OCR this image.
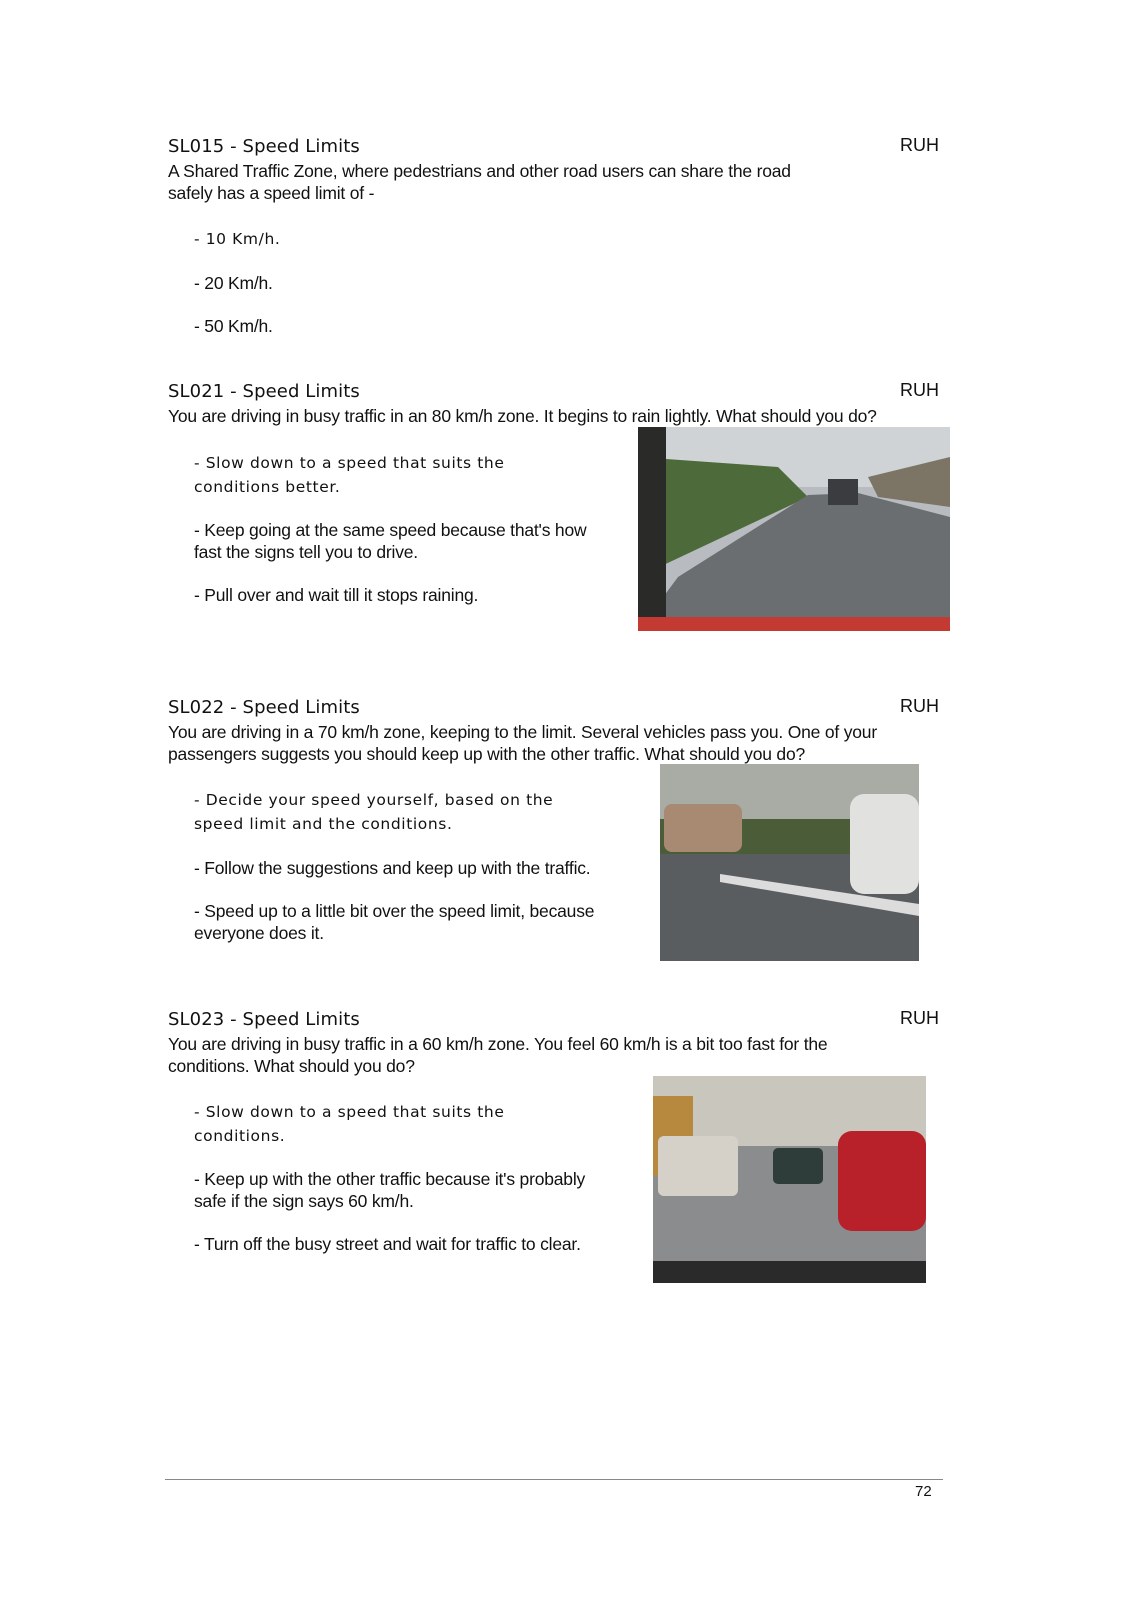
SL015 - Speed Limits	RUH
A Shared Traffic Zone, where pedestrians and other road users can share the road safely has a speed limit of -
- 10 Km/h.
- 20 Km/h.
- 50 Km/h.
SL021 - Speed Limits	RUH
You are driving in busy traffic in an 80 km/h zone. It begins to rain lightly. What should you do?
- Slow down to a speed that suits the conditions better.
- Keep going at the same speed because that's how fast the signs tell you to drive.
- Pull over and wait till it stops raining.
SL022 - Speed Limits	RUH
You are driving in a 70 km/h zone, keeping to the limit. Several vehicles pass you. One of your passengers suggests you should keep up with the other traffic. What should you do?
- Decide your speed yourself, based on the speed limit and the conditions.
- Follow the suggestions and keep up with the traffic.
- Speed up to a little bit over the speed limit, because everyone does it.
SL023 - Speed Limits	RUH
You are driving in busy traffic in a 60 km/h zone. You feel 60 km/h is a bit too fast for the conditions. What should you do?
- Slow down to a speed that suits the conditions.
- Keep up with the other traffic because it's probably safe if the sign says 60 km/h.
- Turn off the busy street and wait for traffic to clear.
72
